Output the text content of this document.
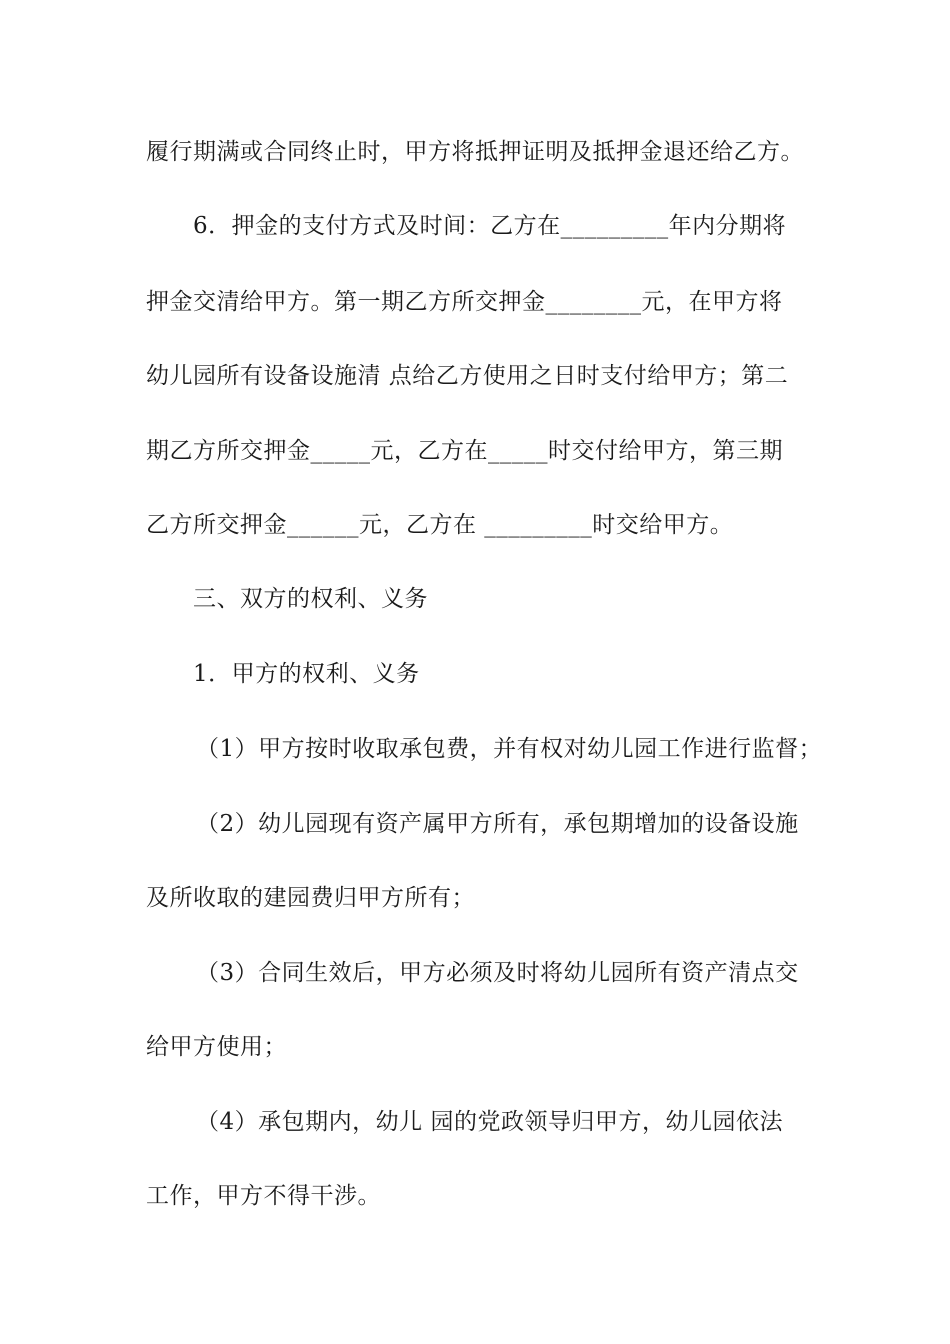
履行期满或合同终止时，甲方将抵押证明及抵押金退还给乙方。
6．押金的支付方式及时间：乙方在_________年内分期将
押金交清给甲方。第一期乙方所交押金________元，在甲方将
幼儿园所有设备设施清 点给乙方使用之日时支付给甲方；第二
期乙方所交押金_____元，乙方在_____时交付给甲方，第三期
乙方所交押金______元，乙方在 _________时交给甲方。
三、双方的权利、义务
1．甲方的权利、义务
（1）甲方按时收取承包费，并有权对幼儿园工作进行监督；
（2）幼儿园现有资产属甲方所有，承包期增加的设备设施
及所收取的建园费归甲方所有；
（3）合同生效后，甲方必须及时将幼儿园所有资产清点交
给甲方使用；
（4）承包期内，幼儿 园的党政领导归甲方，幼儿园依法
工作，甲方不得干涉。
